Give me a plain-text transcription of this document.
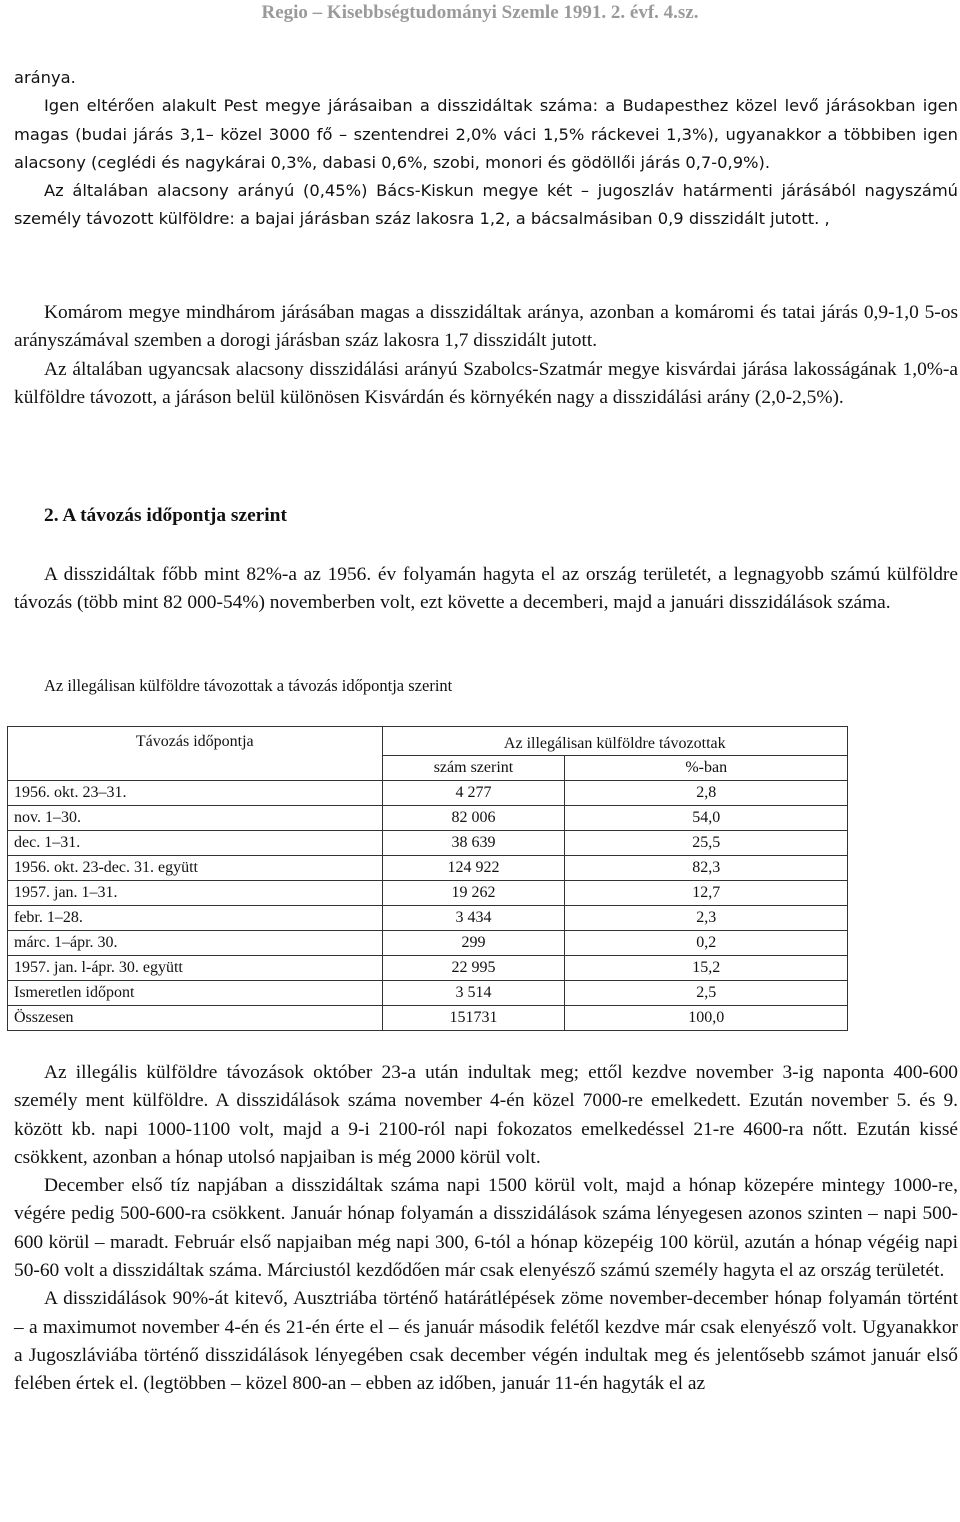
Regio – Kisebbségtudományi Szemle 1991. 2. évf. 4.sz.

aránya.

Igen eltérően alakult Pest megye járásaiban a disszidáltak száma: a Budapesthez közel levő járásokban igen magas (budai járás 3,1– közel 3000 fő – szentendrei 2,0% váci 1,5% ráckevei 1,3%), ugyanakkor a többiben igen alacsony (ceglédi és nagykárai 0,3%, dabasi 0,6%, szobi, monori és gödöllői járás 0,7-0,9%).

Az általában alacsony arányú (0,45%) Bács-Kiskun megye két – jugoszláv határmenti járásából nagyszámú személy távozott külföldre: a bajai járásban száz lakosra 1,2, a bácsalmásiban 0,9 disszidált jutott. ,

Komárom megye mindhárom járásában magas a disszidáltak aránya, azonban a komáromi és tatai járás 0,9-1,0 5-os arányszámával szemben a dorogi járásban száz lakosra 1,7 disszidált jutott.

Az általában ugyancsak alacsony disszidálási arányú Szabolcs-Szatmár megye kisvárdai járása lakosságának 1,0%-a külföldre távozott, a járáson belül különösen Kisvárdán és környékén nagy a disszidálási arány (2,0-2,5%).

2. A távozás időpontja szerint

A disszidáltak főbb mint 82%-a az 1956. év folyamán hagyta el az ország területét, a legnagyobb számú külföldre távozás (több mint 82 000-54%) novemberben volt, ezt követte a decemberi, majd a januári disszidálások száma.

Az illegálisan külföldre távozottak a távozás időpontja szerint
Távozás időpontja	Az illegálisan külföldre távozottak	
	szám szerint	%-ban
1956. okt. 23–31.	4 277	2,8
nov. 1–30.	82 006	54,0
dec. 1–31.	38 639	25,5
1956. okt. 23-dec. 31. együtt	124 922	82,3
1957. jan. 1–31.	19 262	12,7
febr. 1–28.	3 434	2,3
márc. 1–ápr. 30.	299	0,2
1957. jan. l-ápr. 30. együtt	22 995	15,2
Ismeretlen időpont	3 514	2,5
Összesen	151731	100,0

Az illegális külföldre távozások október 23-a után indultak meg; ettől kezdve november 3-ig naponta 400-600 személy ment külföldre. A disszidálások száma november 4-én közel 7000-re emelkedett. Ezután november 5. és 9. között kb. napi 1000-1100 volt, majd a 9-i 2100-ról napi fokozatos emelkedéssel 21-re 4600-ra nőtt. Ezután kissé csökkent, azonban a hónap utolsó napjaiban is még 2000 körül volt.

December első tíz napjában a disszidáltak száma napi 1500 körül volt, majd a hónap közepére mintegy 1000-re, végére pedig 500-600-ra csökkent. Január hónap folyamán a disszidálások száma lényegesen azonos szinten – napi 500-600 körül – maradt. Február első napjaiban még napi 300, 6-tól a hónap közepéig 100 körül, azután a hónap végéig napi 50-60 volt a disszidáltak száma. Márciustól kezdődően már csak elenyésző számú személy hagyta el az ország területét.

A disszidálások 90%-át kitevő, Ausztriába történő határátlépések zöme november-december hónap folyamán történt – a maximumot november 4-én és 21-én érte el – és január második felétől kezdve már csak elenyésző volt. Ugyanakkor a Jugoszláviába történő disszidálások lényegében csak december végén indultak meg és jelentősebb számot január első felében értek el. (legtöbben – közel 800-an – ebben az időben, január 11-én hagyták el az
